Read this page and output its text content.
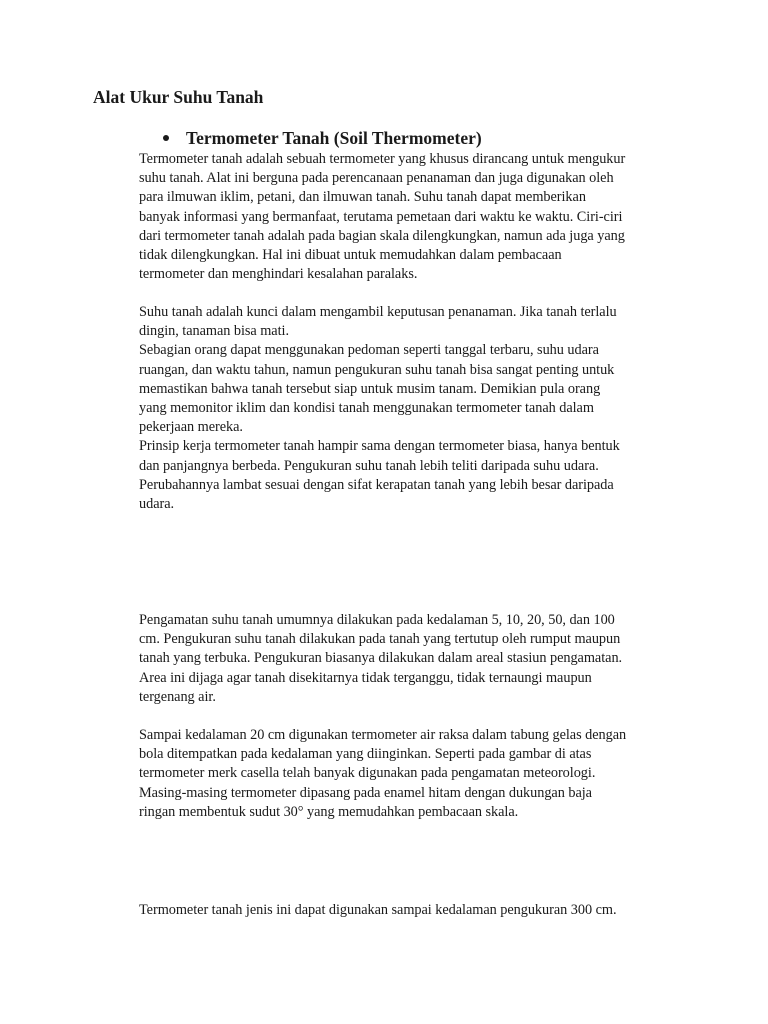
Alat Ukur Suhu Tanah
Termometer Tanah (Soil Thermometer)

Termometer tanah adalah sebuah termometer yang khusus dirancang untuk mengukur
suhu tanah. Alat ini berguna pada perencanaan penanaman dan juga digunakan oleh
para ilmuwan iklim, petani, dan ilmuwan tanah. Suhu tanah dapat memberikan
banyak informasi yang bermanfaat, terutama pemetaan dari waktu ke waktu. Ciri-ciri
dari termometer tanah adalah pada bagian skala dilengkungkan, namun ada juga yang
tidak dilengkungkan. Hal ini dibuat untuk memudahkan dalam pembacaan
termometer dan menghindari kesalahan paralaks.

Suhu tanah adalah kunci dalam mengambil keputusan penanaman. Jika tanah terlalu
dingin, tanaman bisa mati.
Sebagian orang dapat menggunakan pedoman seperti tanggal terbaru, suhu udara
ruangan, dan waktu tahun, namun pengukuran suhu tanah bisa sangat penting untuk
memastikan bahwa tanah tersebut siap untuk musim tanam. Demikian pula orang
yang memonitor iklim dan kondisi tanah menggunakan termometer tanah dalam
pekerjaan mereka.
Prinsip kerja termometer tanah hampir sama dengan termometer biasa, hanya bentuk
dan panjangnya berbeda. Pengukuran suhu tanah lebih teliti daripada suhu udara.
Perubahannya lambat sesuai dengan sifat kerapatan tanah yang lebih besar daripada
udara.

Pengamatan suhu tanah umumnya dilakukan pada kedalaman 5, 10, 20, 50, dan 100
cm. Pengukuran suhu tanah dilakukan pada tanah yang tertutup oleh rumput maupun
tanah yang terbuka. Pengukuran biasanya dilakukan dalam areal stasiun pengamatan.
Area ini dijaga agar tanah disekitarnya tidak terganggu, tidak ternaungi maupun
tergenang air.

Sampai kedalaman 20 cm digunakan termometer air raksa dalam tabung gelas dengan
bola ditempatkan pada kedalaman yang diinginkan. Seperti pada gambar di atas
termometer merk casella telah banyak digunakan pada pengamatan meteorologi.
Masing-masing termometer dipasang pada enamel hitam dengan dukungan baja
ringan membentuk sudut 30° yang memudahkan pembacaan skala.

Termometer tanah jenis ini dapat digunakan sampai kedalaman pengukuran 300 cm.
